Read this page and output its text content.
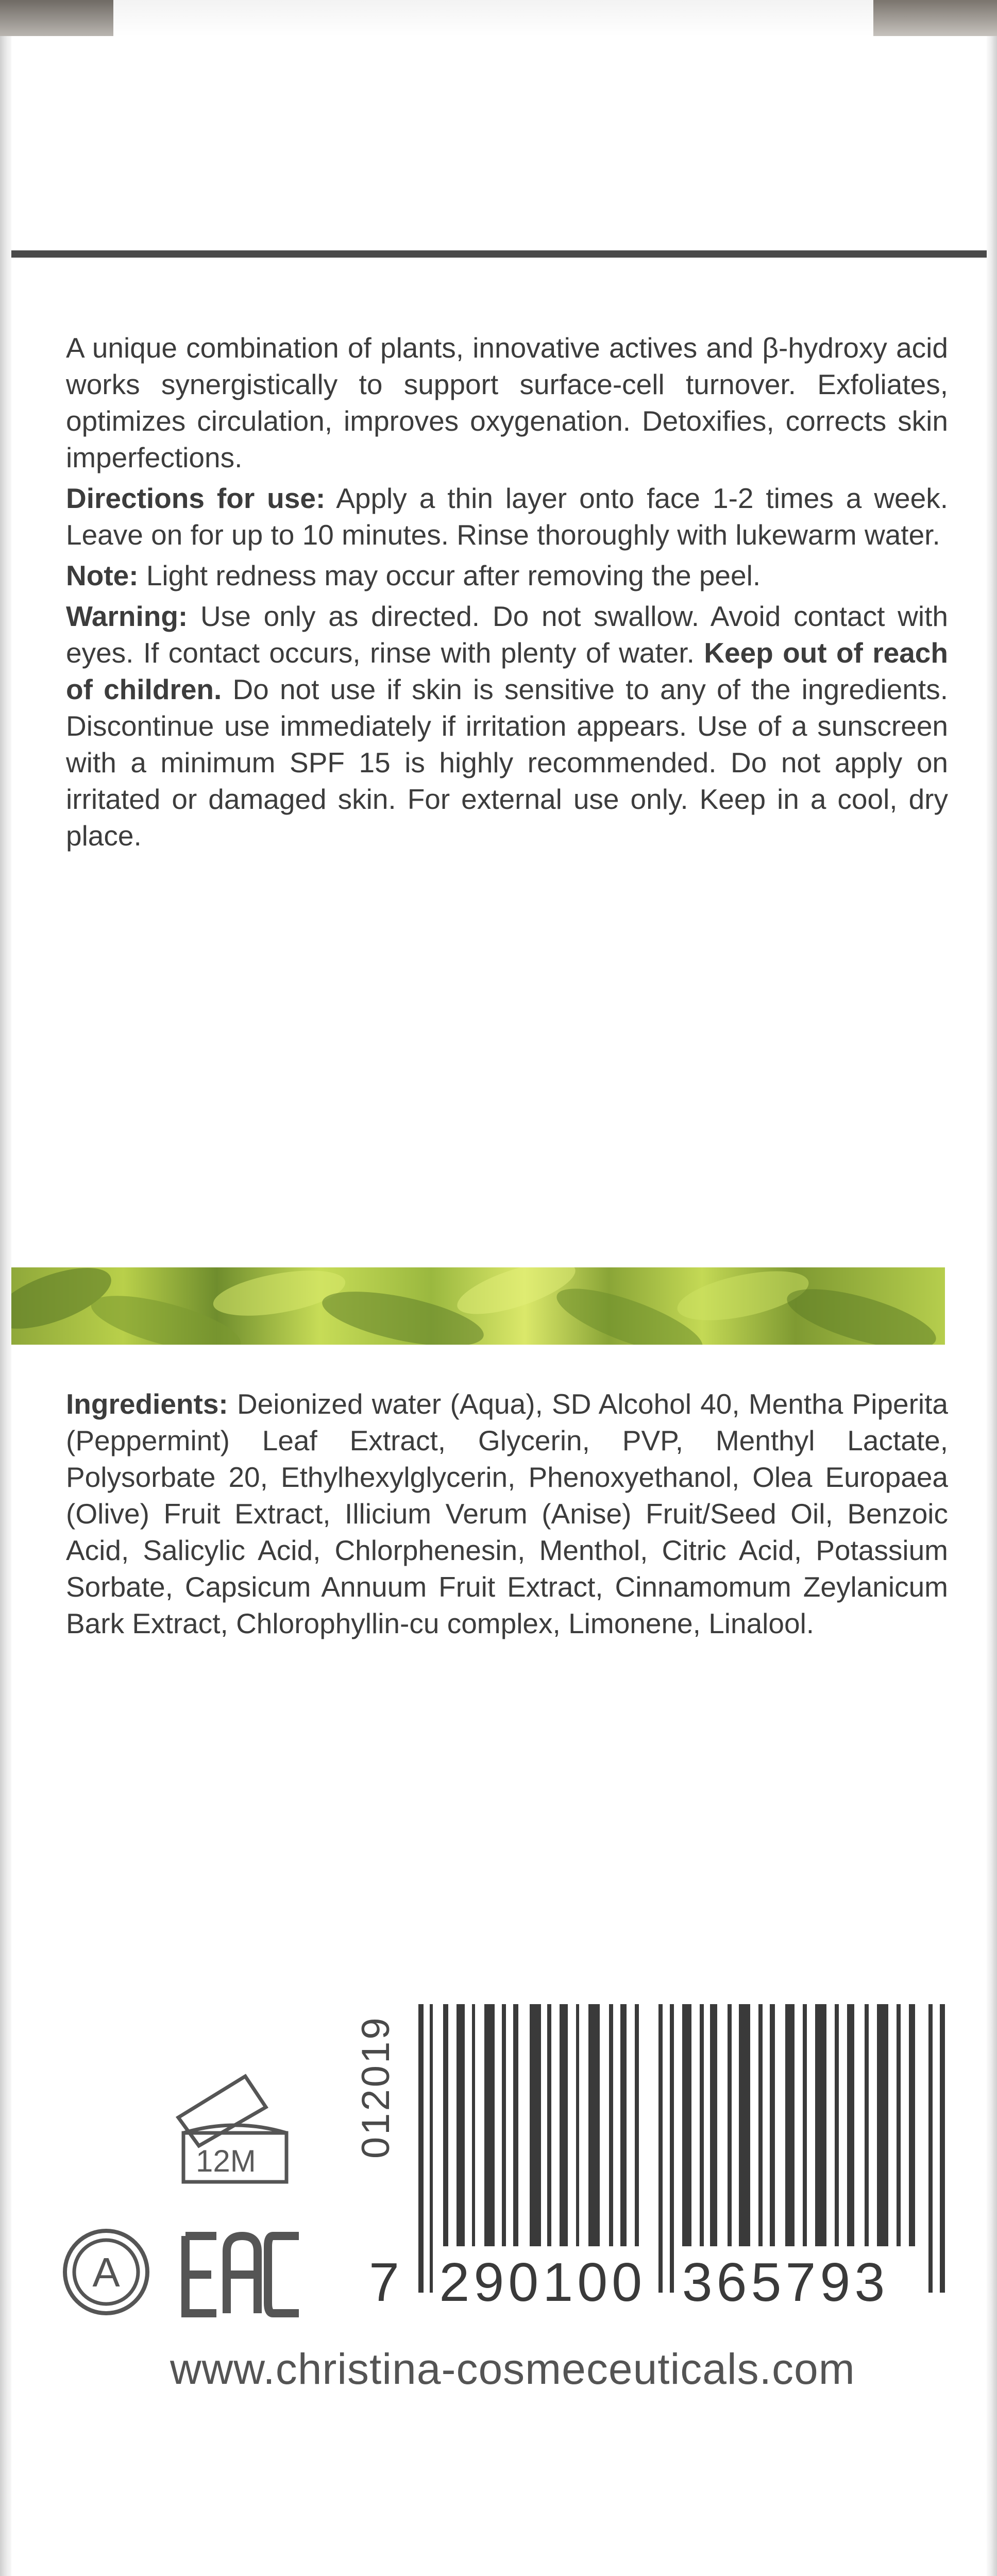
A unique combination of plants, innovative actives and β-hydroxy acid works synergistically to support surface-cell turnover. Exfoliates, optimizes circulation, improves oxygenation. Detoxifies, corrects skin imperfections.

Directions for use: Apply a thin layer onto face 1-2 times a week. Leave on for up to 10 minutes. Rinse thoroughly with lukewarm water.

Note: Light redness may occur after removing the peel.

Warning: Use only as directed. Do not swallow. Avoid contact with eyes. If contact occurs, rinse with plenty of water. Keep out of reach of children. Do not use if skin is sensitive to any of the ingredients. Discontinue use immediately if irritation appears. Use of a sunscreen with a minimum SPF 15 is highly recommended. Do not apply on irritated or damaged skin. For external use only. Keep in a cool, dry place.

Ingredients: Deionized water (Aqua), SD Alcohol 40, Mentha Piperita (Peppermint) Leaf Extract, Glycerin, PVP, Menthyl Lactate, Polysorbate 20, Ethylhexylglycerin, Phenoxyethanol, Olea Europaea (Olive) Fruit Extract, Illicium Verum (Anise) Fruit/Seed Oil, Benzoic Acid, Salicylic Acid, Chlorphenesin, Menthol, Citric Acid, Potassium Sorbate, Capsicum Annuum Fruit Extract, Cinnamomum Zeylanicum Bark Extract, Chlorophyllin-cu complex, Limonene, Linalool.

012019
12M
A
EAC
7 290100 365793
www.christina-cosmeceuticals.com
